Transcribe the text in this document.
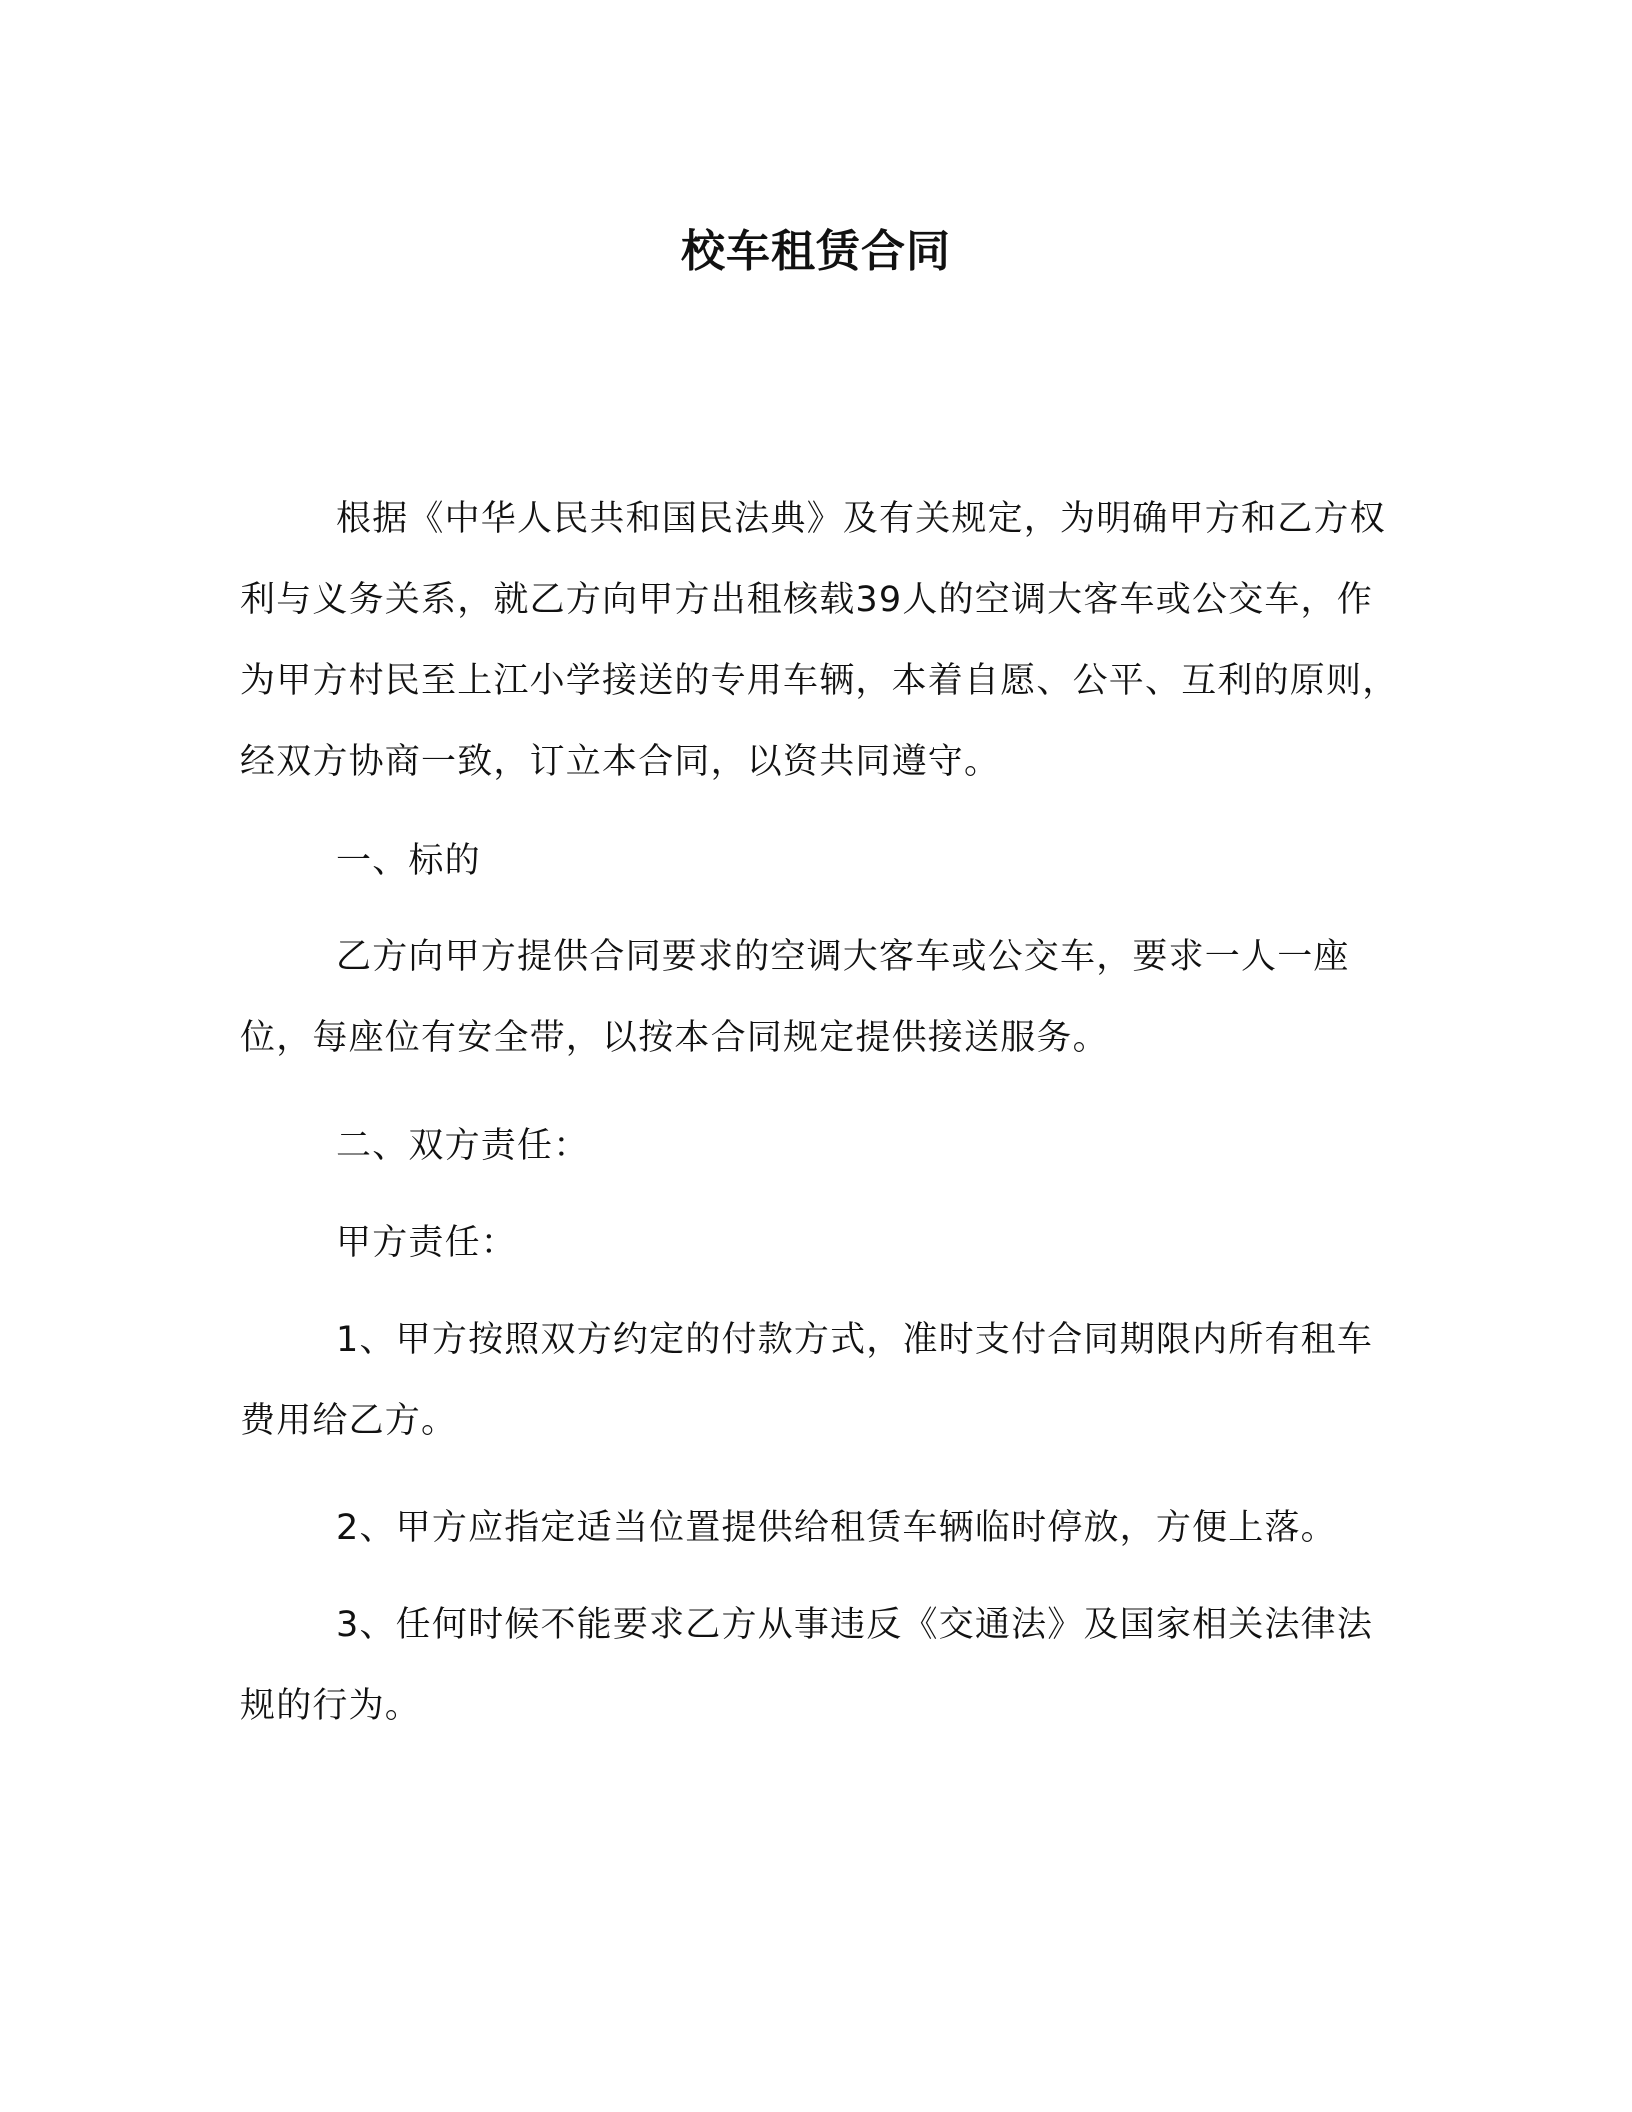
校车租赁合同

根据《中华人民共和国民法典》及有关规定，为明确甲方和乙方权利与义务关系，就乙方向甲方出租核载39人的空调大客车或公交车，作为甲方村民至上江小学接送的专用车辆，本着自愿、公平、互利的原则，经双方协商一致，订立本合同，以资共同遵守。

一、标的

乙方向甲方提供合同要求的空调大客车或公交车，要求一人一座位，每座位有安全带，以按本合同规定提供接送服务。

二、双方责任：

甲方责任：

1、甲方按照双方约定的付款方式，准时支付合同期限内所有租车费用给乙方。

2、甲方应指定适当位置提供给租赁车辆临时停放，方便上落。

3、任何时候不能要求乙方从事违反《交通法》及国家相关法律法规的行为。
